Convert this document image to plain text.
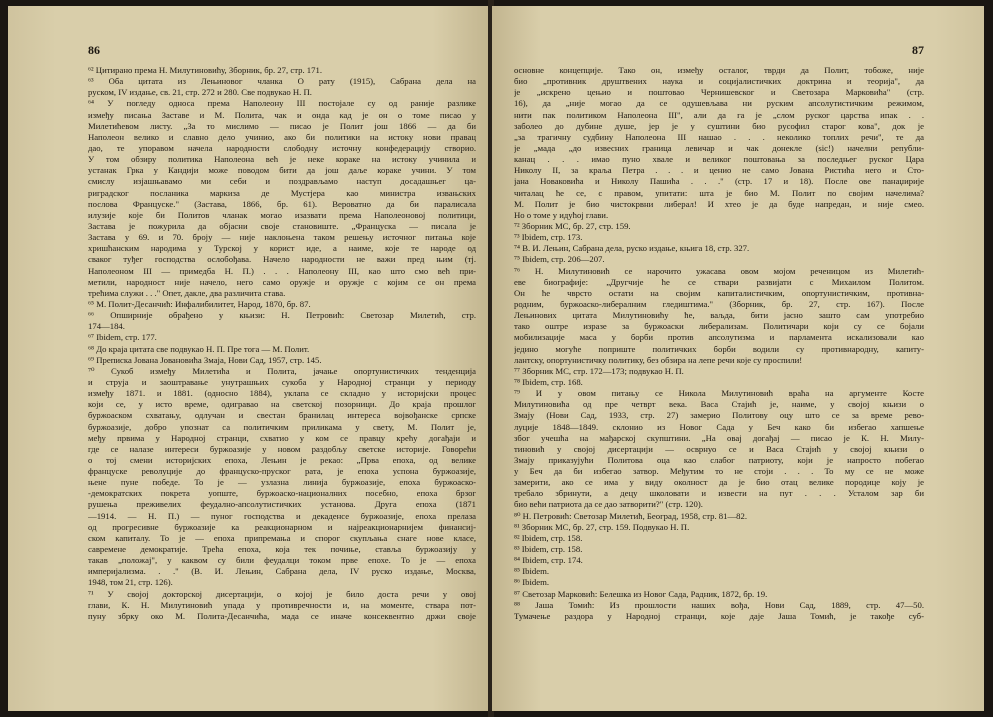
86
⁶² Цитирано према Н. Милутиновићу, Зборник, бр. 27, стр. 171.
⁶³ Оба цитата из Лењиновог чланка О рату (1915), Сабрана дела на
руском, IV издање, св. 21, стр. 272 и 280. Све подвукао Н. П.
⁶⁴ У погледу односа према Наполеону III постојале су од раније разлике
између писања Заставе и М. Полита, чак и онда кад је он о томе писао у
Милетићевом листу. „За то мислимо — писао је Полит још 1866 — да би
Наполеон велико и славно дело учинио, ако би политики на истоку нови правац
дао, те упоравом начела народности слободну источну конфедерацију створио.
У том обзиру политика Наполеона већ је неке кораке на истоку учинила и
устанак Грка у Кандији може поводом бити да још даље кораке учини. У том
смислу изјашњавамо ми себи и поздрављамо наступ досадашњег ца-
риградског посланика маркиза де Мустјера као министра извањских
послова Француске." (Застава, 1866, бр. 61). Вероватно да би паралисала
илузије које би Политов чланак могао изазвати према Наполеоновој политици,
Застава је пожурила да објасни своје становиште. „Француска — писала је
Застава у 69. и 70. броју — није наклоњена таком решењу источног питања које
хришћанским народима у Турској у корист иде, а наиме, које те народе од
сваког туђег господства ослобођава. Начело народности не важи пред њим (тј.
Наполеоном III — примедба Н. П.) . . . Наполеону III, као што смо већ при-
метили, народност није начело, него само оружје и оружје с којим се он према
трећима служи . . ." Опет, дакле, два различита става.
⁶⁵ М. Полит-Десанчић: Инфалибилитет, Народ, 1870, бр. 87.
⁶⁶ Опширније обрађено у књизи: Н. Петровић: Светозар Милетић, стр.
174—184.
⁶⁷ Ibidem, стр. 177.
⁶⁸ До краја цитата све подвукао Н. П. Пре тога — М. Полит.
⁶⁹ Преписка Јована Јовановића Змаја, Нови Сад, 1957, стр. 145.
⁷⁰ Сукоб између Милетића и Полита, јачање опортунистичких тенденција
и струја и заоштравање унутрашњих сукоба у Народној странци у периоду
између 1871. и 1881. (односно 1884), уклапа се складно у историјски процес
који се, у исто време, одигравао на светској позорници. До краја прошлог
буржоаском схватању, одлучан и свестан бранилац интереса војвођанске српске
буржоазије, добро упознат са политичким приликама у свету, М. Полит је,
међу првима у Народној странци, схватио у ком се правцу крећу догађаји и
где се налазе интереси буржоазије у новом раздобљу светске историје. Говорећи
о тој смени историјских епоха, Лењин је рекао: „Прва епоха, од велике
француске револуције до француско-пруског рата, је епоха успона буржоазије,
њене пуне победе. То је — узлазна линија буржоазије, епоха буржоаско-
-демократских покрета уопште, буржоаско-националних посебно, епоха брзог
рушења преживелих феудално-апсолутистичких установа. Друга епоха (1871
—1914. — Н. П.) — пуног господства и декаденсе буржоазије, епоха прелаза
од прогресивне буржоазије ка реакционарном и најреакционарнијем финансиј-
ском капиталу. То је — епоха припремања и спорог скупљања снаге нове класе,
савремене демократије. Трећа епоха, која тек почиње, ставља буржоазију у
такав „положај", у каквом су били феудалци током прве епохе. То је — епоха
империјализма. . ." (В. И. Лењин, Сабрана дела, IV руско издање, Москва,
1948, том 21, стр. 126).
⁷¹ У својој докторској дисертацији, о којој је било доста речи у овој
глави, К. Н. Милутиновић упада у противречности и, на моменте, ствара пот-
пуну збрку око М. Полита-Десанчића, мада се иначе консеквентно држи своје
87
основне концепције. Тако он, између осталог, тврди да Полит, тобоже, није
био „противник друштвених наука и социјалистичких доктрина и теорија", да
је „искрено цењио и поштовао Чернишевског и Светозара Марковића" (стр.
16), да „није могао да се одушевљава ни руским апсолутистичким режимом,
нити пак политиком Наполеона III", али да га је „слом руског царства ипак . .
заболео до дубине душе, јер је у суштини био русофил старог кова", док је
„за трагичну судбину Наполеона III нашао . . . неколико топлих речи", те да
је „мада „до извесних граница левичар и чак донекле (sic!) начелни републи-
канац . . . имао пуно хвале и великог поштовања за последњег руског Цара
Николу II, за краља Петра . . . и ценио не само Јована Ристића него и Сто-
јана Новаковића и Николу Пашића . . ." (стр. 17 и 18). После ове панаџирије
читалац ће се, с правом, упитати: шта је био М. Полит по својим начелима?
М. Полит је био чистокрвни либерал! И хтео је да буде напредан, и није смео.
Но о томе у идућој глави.
⁷² Зборник МС, бр. 27, стр. 159.
⁷³ Ibidem, стр. 173.
⁷⁴ В. И. Лењин, Сабрана дела, руско издање, књига 18, стр. 327.
⁷⁵ Ibidem, стр. 206—207.
⁷⁶ Н. Милутиновић се нарочито ужасава овом мојом реченицом из Милетић-
еве биографије: „Другчије ће се ствари развијати с Михаилом Политом.
Он ће чврсто остати на својим капиталистичким, опортунистичким, противна-
родним, буржоаско-либералним гледиштима." (Зборник, бр. 27, стр. 167). После
Лењинових цитата Милутиновићу ће, ваљда, бити јасно зашто сам употребио
тако оштре изразе за буржоаски либерализам. Политичари који су се бојали
мобилизације маса у борби против апсолутизма и парламента искализовали као
једино могуће поприште политичких борби водили су противнародну, капиту-
лантску, опортунистичку политику, без обзира на лепе речи које су проспили!
⁷⁷ Зборник МС, стр. 172—173; подвукао Н. П.
⁷⁸ Ibidem, стр. 168.
⁷⁹ И у овом питању се Никола Милутиновић враћа на аргументе Косте
Милутиновића од пре четврт века. Васа Стајић је, наиме, у својој књизи о
Змају (Нови Сад, 1933, стр. 27) замерио Политову оцу што се за време рево-
луције 1848—1849. склонио из Новог Сада у Беч како би избегао хапшење
због учешћа на мађарској скупштини. „На овај догађај — писао је К. Н. Милу-
тиновић у својој дисертацији — осврнуо се и Васа Стајић у својој књизи о
Змају приказујући Политова оца као слабог патриоту, који је напросто побегао
у Беч да би избегао затвор. Међутим то не стоји . . . То му се не може
замерити, ако се има у виду околност да је био отац велике породице коју је
требало збринути, а децу школовати и извести на пут . . . Усталом зар би
био већи патриота да се дао затворити?" (стр. 120).
⁸⁰ Н. Петровић: Светозар Милетић, Београд, 1958, стр. 81—82.
⁸¹ Зборник МС, бр. 27, стр. 159. Подвукао Н. П.
⁸² Ibidem, стр. 158.
⁸³ Ibidem, стр. 158.
⁸⁴ Ibidem, стр. 174.
⁸⁵ Ibidem.
⁸⁶ Ibidem.
⁸⁷ Светозар Марковић: Белешка из Новог Сада, Радник, 1872, бр. 19.
⁸⁸ Јаша Томић: Из прошлости наших вођа, Нови Сад, 1889, стр. 47—50.
Тумачење раздора у Народној странци, које даје Јаша Томић, је такође суб-
